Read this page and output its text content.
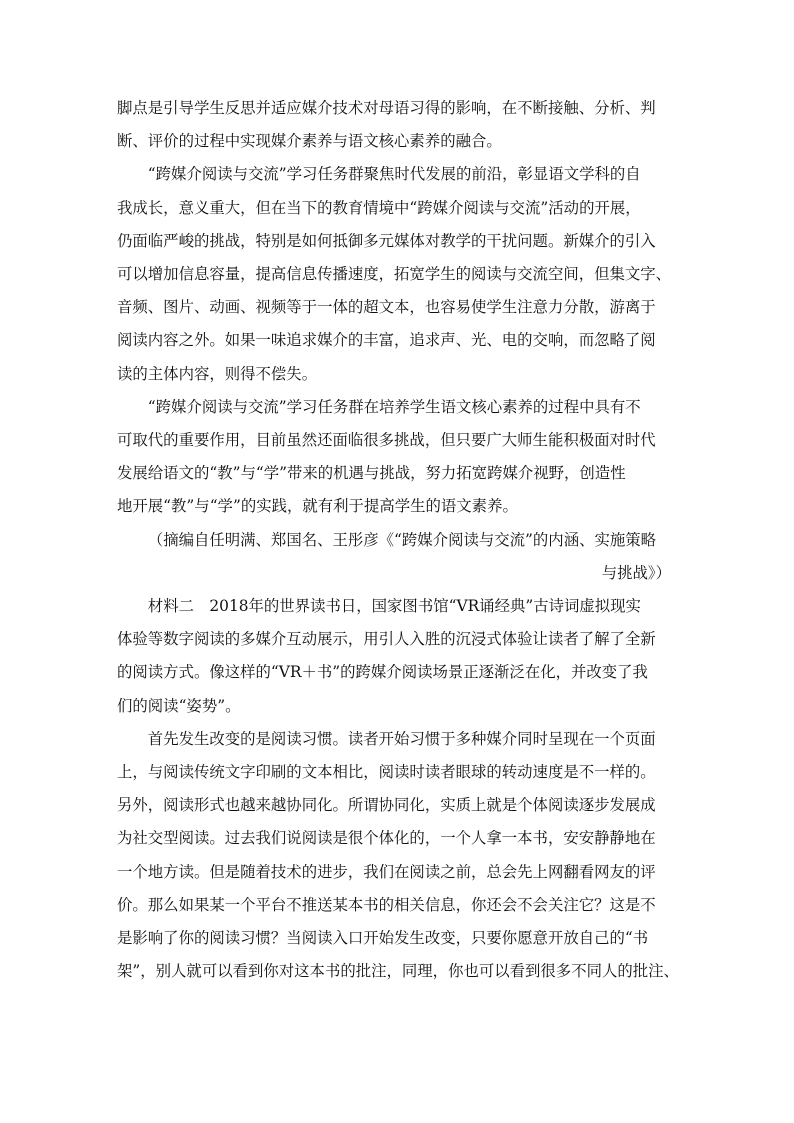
脚点是引导学生反思并适应媒介技术对母语习得的影响，在不断接触、分析、判
断、评价的过程中实现媒介素养与语文核心素养的融合。

“跨媒介阅读与交流”学习任务群聚焦时代发展的前沿，彰显语文学科的自
我成长，意义重大，但在当下的教育情境中“跨媒介阅读与交流”活动的开展，
仍面临严峻的挑战，特别是如何抵御多元媒体对教学的干扰问题。新媒介的引入
可以增加信息容量，提高信息传播速度，拓宽学生的阅读与交流空间，但集文字、
音频、图片、动画、视频等于一体的超文本，也容易使学生注意力分散，游离于
阅读内容之外。如果一味追求媒介的丰富，追求声、光、电的交响，而忽略了阅
读的主体内容，则得不偿失。

“跨媒介阅读与交流”学习任务群在培养学生语文核心素养的过程中具有不
可取代的重要作用，目前虽然还面临很多挑战，但只要广大师生能积极面对时代
发展给语文的“教”与“学”带来的机遇与挑战，努力拓宽跨媒介视野，创造性
地开展“教”与“学”的实践，就有利于提高学生的语文素养。

（摘编自任明满、郑国名、王彤彦《“跨媒介阅读与交流”的内涵、实施策略
与挑战》）

材料二　2018年的世界读书日，国家图书馆“VR诵经典”古诗词虚拟现实
体验等数字阅读的多媒介互动展示，用引人入胜的沉浸式体验让读者了解了全新
的阅读方式。像这样的“VR＋书”的跨媒介阅读场景正逐渐泛在化，并改变了我
们的阅读“姿势”。

首先发生改变的是阅读习惯。读者开始习惯于多种媒介同时呈现在一个页面
上，与阅读传统文字印刷的文本相比，阅读时读者眼球的转动速度是不一样的。
另外，阅读形式也越来越协同化。所谓协同化，实质上就是个体阅读逐步发展成
为社交型阅读。过去我们说阅读是很个体化的，一个人拿一本书，安安静静地在
一个地方读。但是随着技术的进步，我们在阅读之前，总会先上网翻看网友的评
价。那么如果某一个平台不推送某本书的相关信息，你还会不会关注它？这是不
是影响了你的阅读习惯？当阅读入口开始发生改变，只要你愿意开放自己的“书
架”，别人就可以看到你对这本书的批注，同理，你也可以看到很多不同人的批注、
